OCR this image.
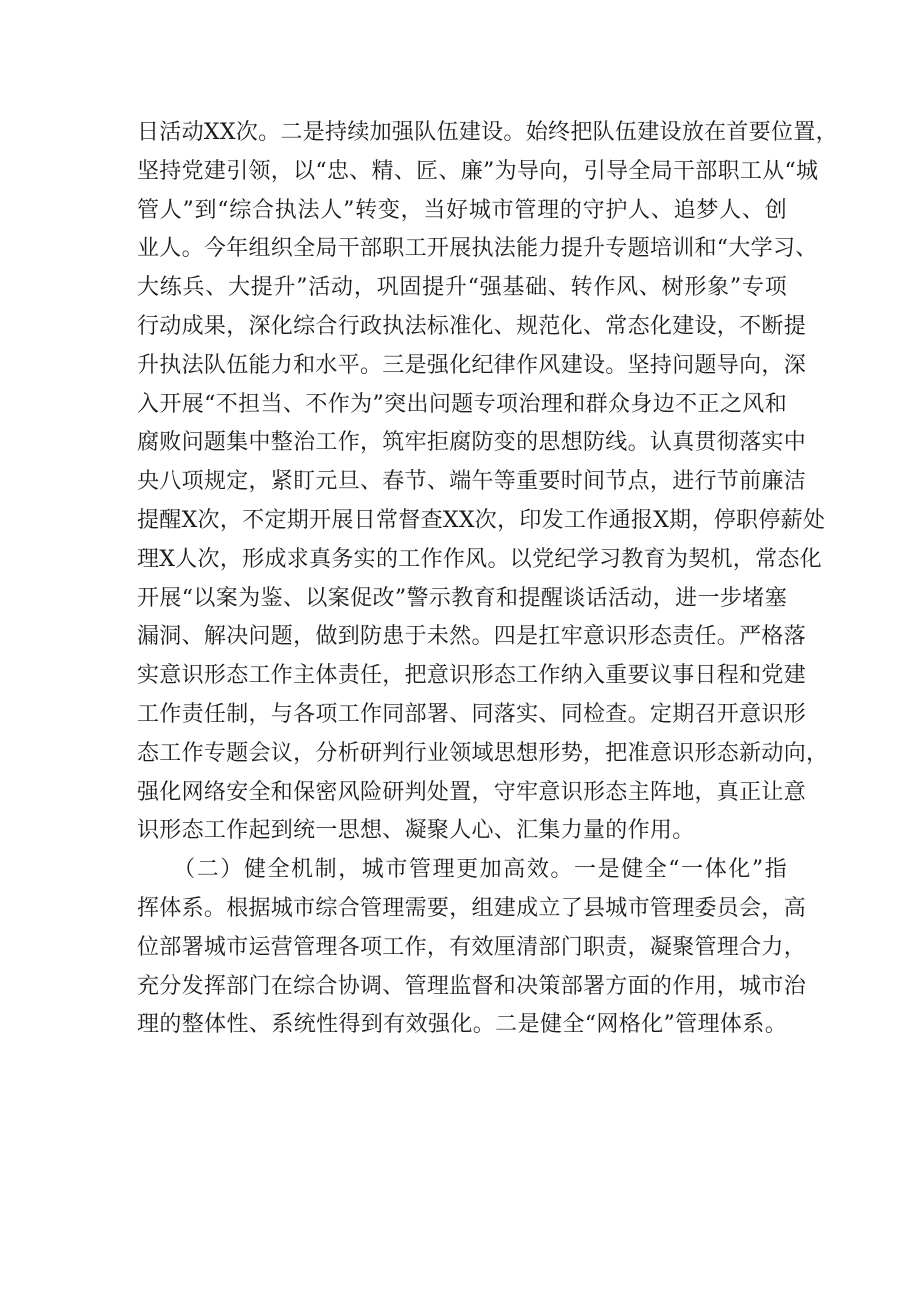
日活动XX次。二是持续加强队伍建设。始终把队伍建设放在首要位置，
坚持党建引领，以“忠、精、匠、廉”为导向，引导全局干部职工从“城
管人”到“综合执法人”转变，当好城市管理的守护人、追梦人、创
业人。今年组织全局干部职工开展执法能力提升专题培训和“大学习、
大练兵、大提升”活动，巩固提升“强基础、转作风、树形象”专项
行动成果，深化综合行政执法标准化、规范化、常态化建设，不断提
升执法队伍能力和水平。三是强化纪律作风建设。坚持问题导向，深
入开展“不担当、不作为”突出问题专项治理和群众身边不正之风和
腐败问题集中整治工作，筑牢拒腐防变的思想防线。认真贯彻落实中
央八项规定，紧盯元旦、春节、端午等重要时间节点，进行节前廉洁
提醒X次，不定期开展日常督查XX次，印发工作通报X期，停职停薪处
理X人次，形成求真务实的工作作风。以党纪学习教育为契机，常态化
开展“以案为鉴、以案促改”警示教育和提醒谈话活动，进一步堵塞
漏洞、解决问题，做到防患于未然。四是扛牢意识形态责任。严格落
实意识形态工作主体责任，把意识形态工作纳入重要议事日程和党建
工作责任制，与各项工作同部署、同落实、同检查。定期召开意识形
态工作专题会议，分析研判行业领域思想形势，把准意识形态新动向，
强化网络安全和保密风险研判处置，守牢意识形态主阵地，真正让意
识形态工作起到统一思想、凝聚人心、汇集力量的作用。
　　（二）健全机制，城市管理更加高效。一是健全“一体化”指
挥体系。根据城市综合管理需要，组建成立了县城市管理委员会，高
位部署城市运营管理各项工作，有效厘清部门职责，凝聚管理合力，
充分发挥部门在综合协调、管理监督和决策部署方面的作用，城市治
理的整体性、系统性得到有效强化。二是健全“网格化”管理体系。
